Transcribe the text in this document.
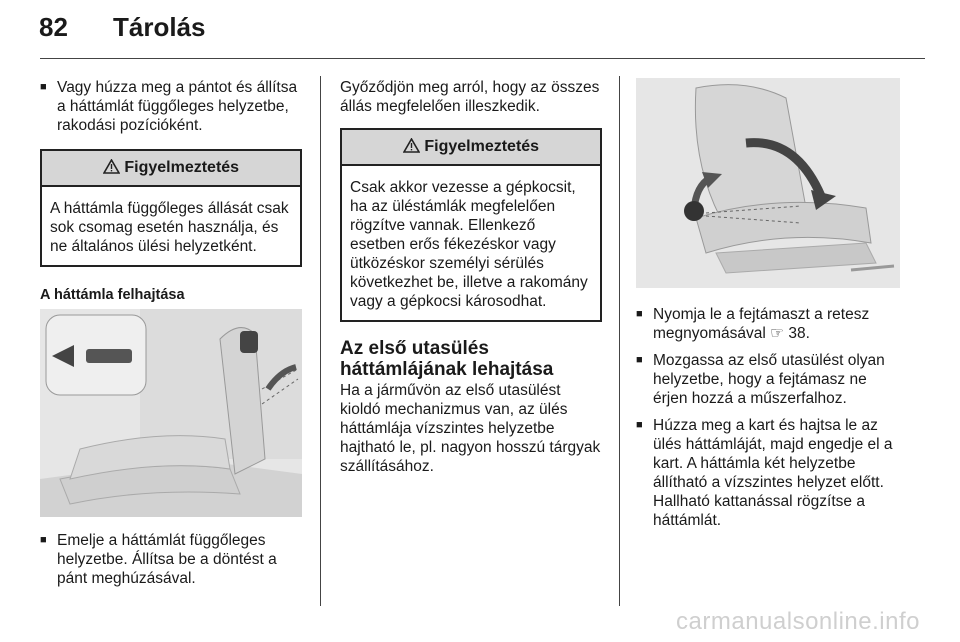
82 Tárolás
■ Vagy húzza meg a pántot és állítsa a háttámlát függőleges helyzetbe, rakodási pozícióként.
Figyelmeztetés
A háttámla függőleges állását csak sok csomag esetén használja, és ne általános ülési helyzetként.
A háttámla felhajtása
■ Emelje a háttámlát függőleges helyzetbe. Állítsa be a döntést a pánt meghúzásával.
Győződjön meg arról, hogy az összes állás megfelelően illeszkedik.
Figyelmeztetés
Csak akkor vezesse a gépkocsit, ha az üléstámlák megfelelően rögzítve vannak. Ellenkező esetben erős fékezéskor vagy ütközéskor személyi sérülés következhet be, illetve a rakomány vagy a gépkocsi károsodhat.
Az első utasülés háttámlájának lehajtása
Ha a járművön az első utasülést kioldó mechanizmus van, az ülés háttámlája vízszintes helyzetbe hajtható le, pl. nagyon hosszú tárgyak szállításához.
■ Nyomja le a fejtámaszt a retesz megnyomásával ☞ 38.
■ Mozgassa az első utasülést olyan helyzetbe, hogy a fejtámasz ne érjen hozzá a műszerfalhoz.
■ Húzza meg a kart és hajtsa le az ülés háttámláját, majd engedje el a kart. A háttámla két helyzetbe állítható a vízszintes helyzet előtt. Hallható kattanással rögzítse a háttámlát.
carmanualsonline.info
